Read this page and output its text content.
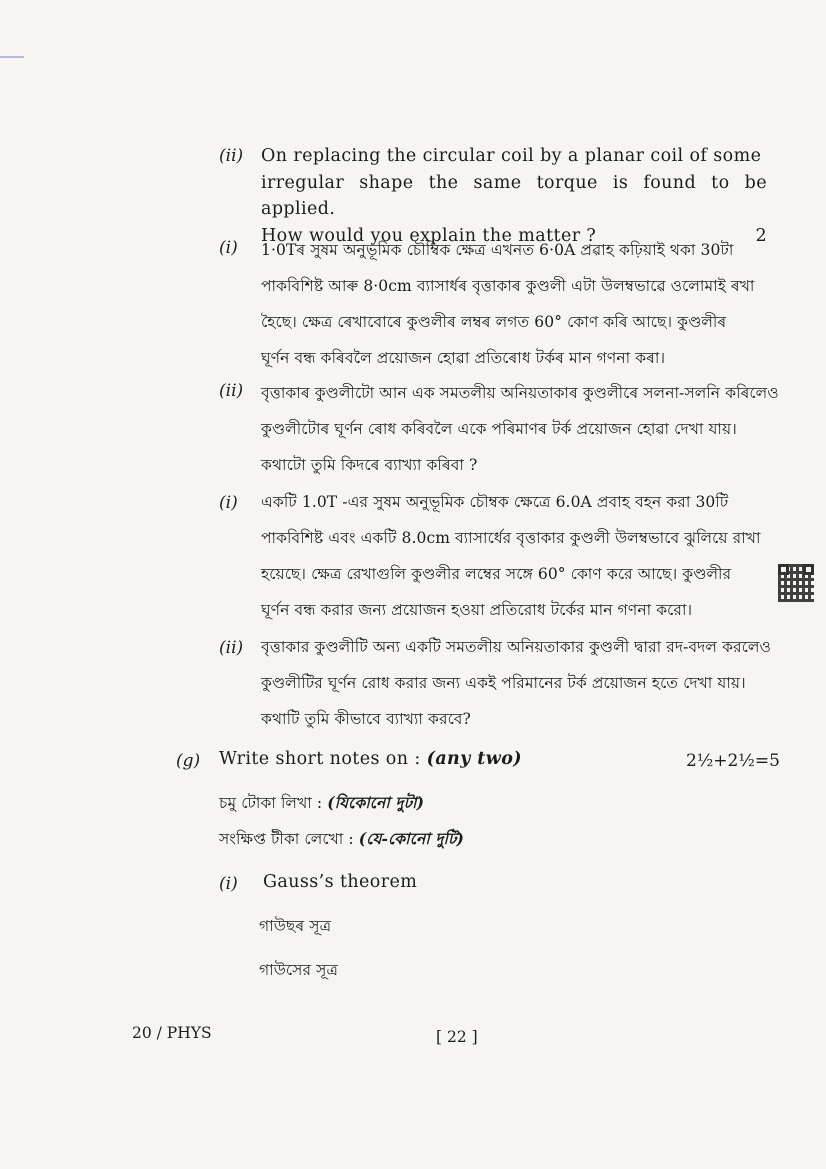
(ii) On replacing the circular coil by a planar coil of some
irregular shape the same torque is found to be applied.
How would you explain the matter ?	2
(i) 1·0Tৰ সুষম অনুভূমিক চৌম্বিক ক্ষেত্ৰ এখনত 6·0A প্ৰৱাহ কঢ়িয়াই থকা 30টা
পাকবিশিষ্ট আৰু 8·0cm ব্যাসাৰ্ধৰ বৃত্তাকাৰ কুণ্ডলী এটা উলম্বভাৱে ওলোমাই ৰখা
হৈছে। ক্ষেত্ৰ ৰেখাবোৰে কুণ্ডলীৰ লম্বৰ লগত 60° কোণ কৰি আছে। কুণ্ডলীৰ
ঘূৰ্ণন বন্ধ কৰিবলৈ প্ৰয়োজন হোৱা প্ৰতিৰোধ টৰ্কৰ মান গণনা কৰা।
(ii) বৃত্তাকাৰ কুণ্ডলীটো আন এক সমতলীয় অনিয়তাকাৰ কুণ্ডলীৰে সলনা-সলনি কৰিলেও
কুণ্ডলীটোৰ ঘূৰ্ণন ৰোধ কৰিবলৈ একে পৰিমাণৰ টৰ্ক প্ৰয়োজন হোৱা দেখা যায়।
কথাটো তুমি কিদৰে ব্যাখ্যা কৰিবা ?
(i) একটি 1.0T -এর সুষম অনুভূমিক চৌম্বক ক্ষেত্রে 6.0A প্রবাহ বহন করা 30টি
পাকবিশিষ্ট এবং একটি 8.0cm ব্যাসার্ধের বৃত্তাকার কুণ্ডলী উলম্বভাবে ঝুলিয়ে রাখা
হয়েছে। ক্ষেত্র রেখাগুলি কুণ্ডলীর লম্বের সঙ্গে 60° কোণ করে আছে। কুণ্ডলীর
ঘূর্ণন বন্ধ করার জন্য প্রয়োজন হওয়া প্রতিরোধ টর্কের মান গণনা করো।
(ii) বৃত্তাকার কুণ্ডলীটি অন্য একটি সমতলীয় অনিয়তাকার কুণ্ডলী দ্বারা রদ-বদল করলেও
কুণ্ডলীটির ঘূর্ণন রোধ করার জন্য একই পরিমানের টর্ক প্রয়োজন হতে দেখা যায়।
কথাটি তুমি কীভাবে ব্যাখ্যা করবে?
(g) Write short notes on : (any two)	2½+2½=5
চমু টোকা লিখা : (যিকোনো দুটা)
সংক্ষিপ্ত টীকা লেখো : (যে-কোনো দুটি)
(i) Gauss’s theorem
গাউছৰ সূত্ৰ
গাউসের সূত্র
20 / PHYS	[ 22 ]
